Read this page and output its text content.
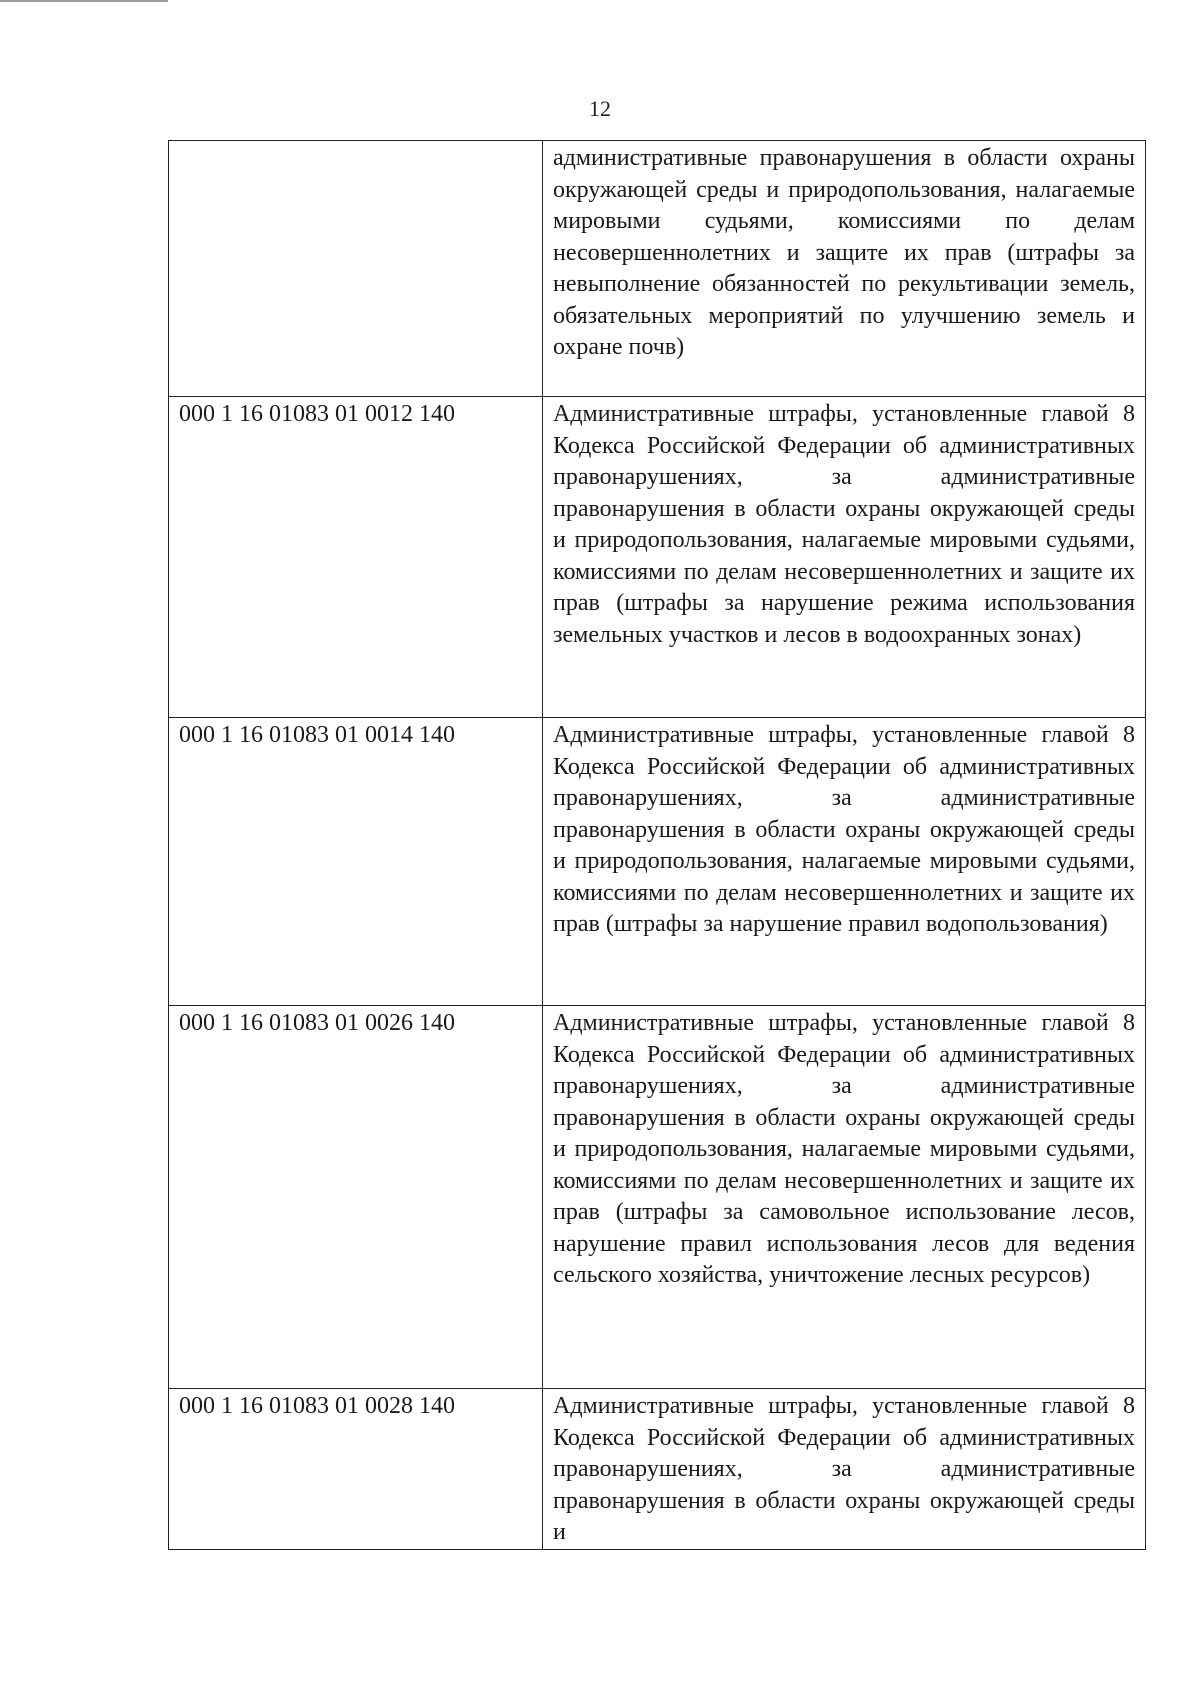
12

	административные правонарушения в области охраны окружающей среды и природопользования, налагаемые мировыми судьями, комиссиями по делам несовершеннолетних и защите их прав (штрафы за невыполнение обязанностей по рекультивации земель, обязательных мероприятий по улучшению земель и охране почв)

000 1 16 01083 01 0012 140	Административные штрафы, установленные главой 8 Кодекса Российской Федерации об административных правонарушениях, за административные правонарушения в области охраны окружающей среды и природопользования, налагаемые мировыми судьями, комиссиями по делам несовершеннолетних и защите их прав (штрафы за нарушение режима использования земельных участков и лесов в водоохранных зонах)

000 1 16 01083 01 0014 140	Административные штрафы, установленные главой 8 Кодекса Российской Федерации об административных правонарушениях, за административные правонарушения в области охраны окружающей среды и природопользования, налагаемые мировыми судьями, комиссиями по делам несовершеннолетних и защите их прав (штрафы за нарушение правил водопользования)

000 1 16 01083 01 0026 140	Административные штрафы, установленные главой 8 Кодекса Российской Федерации об административных правонарушениях, за административные правонарушения в области охраны окружающей среды и природопользования, налагаемые мировыми судьями, комиссиями по делам несовершеннолетних и защите их прав (штрафы за самовольное использование лесов, нарушение правил использования лесов для ведения сельского хозяйства, уничтожение лесных ресурсов)

000 1 16 01083 01 0028 140	Административные штрафы, установленные главой 8 Кодекса Российской Федерации об административных правонарушениях, за административные правонарушения в области охраны окружающей среды и
